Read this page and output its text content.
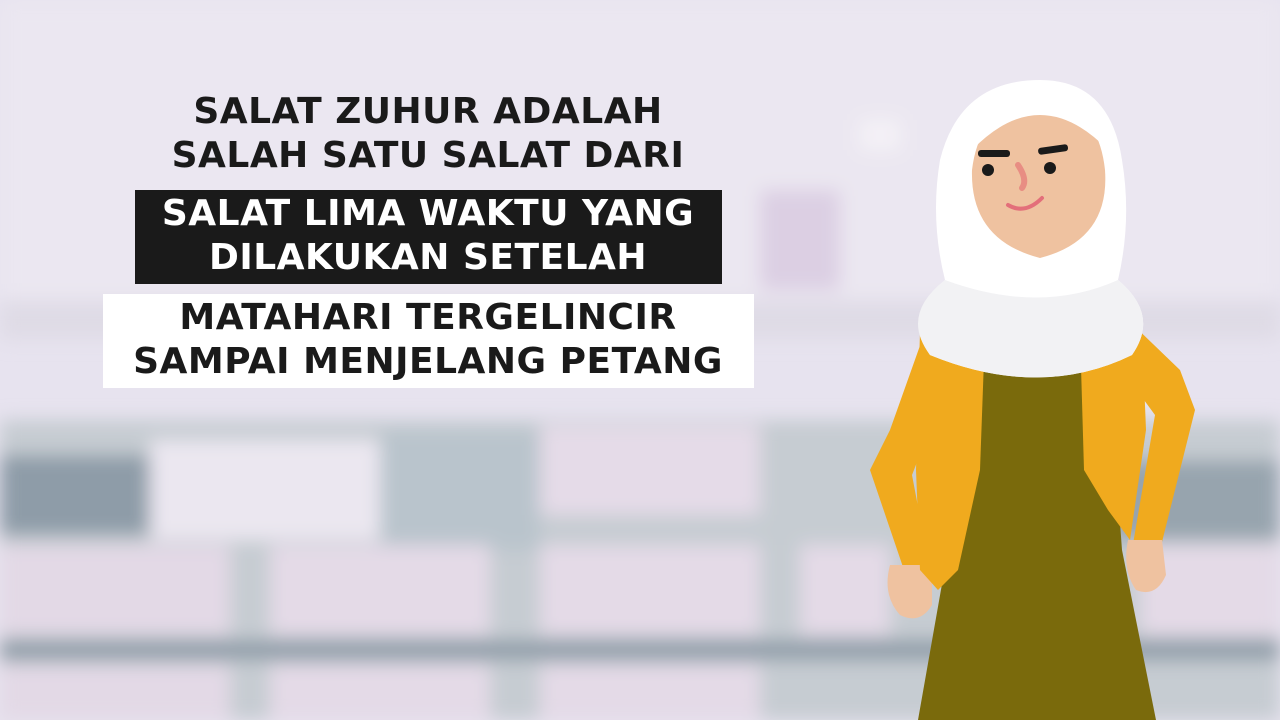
SALAT ZUHUR ADALAH
SALAH SATU SALAT DARI
SALAT LIMA WAKTU YANG
DILAKUKAN SETELAH
MATAHARI TERGELINCIR
SAMPAI MENJELANG PETANG
